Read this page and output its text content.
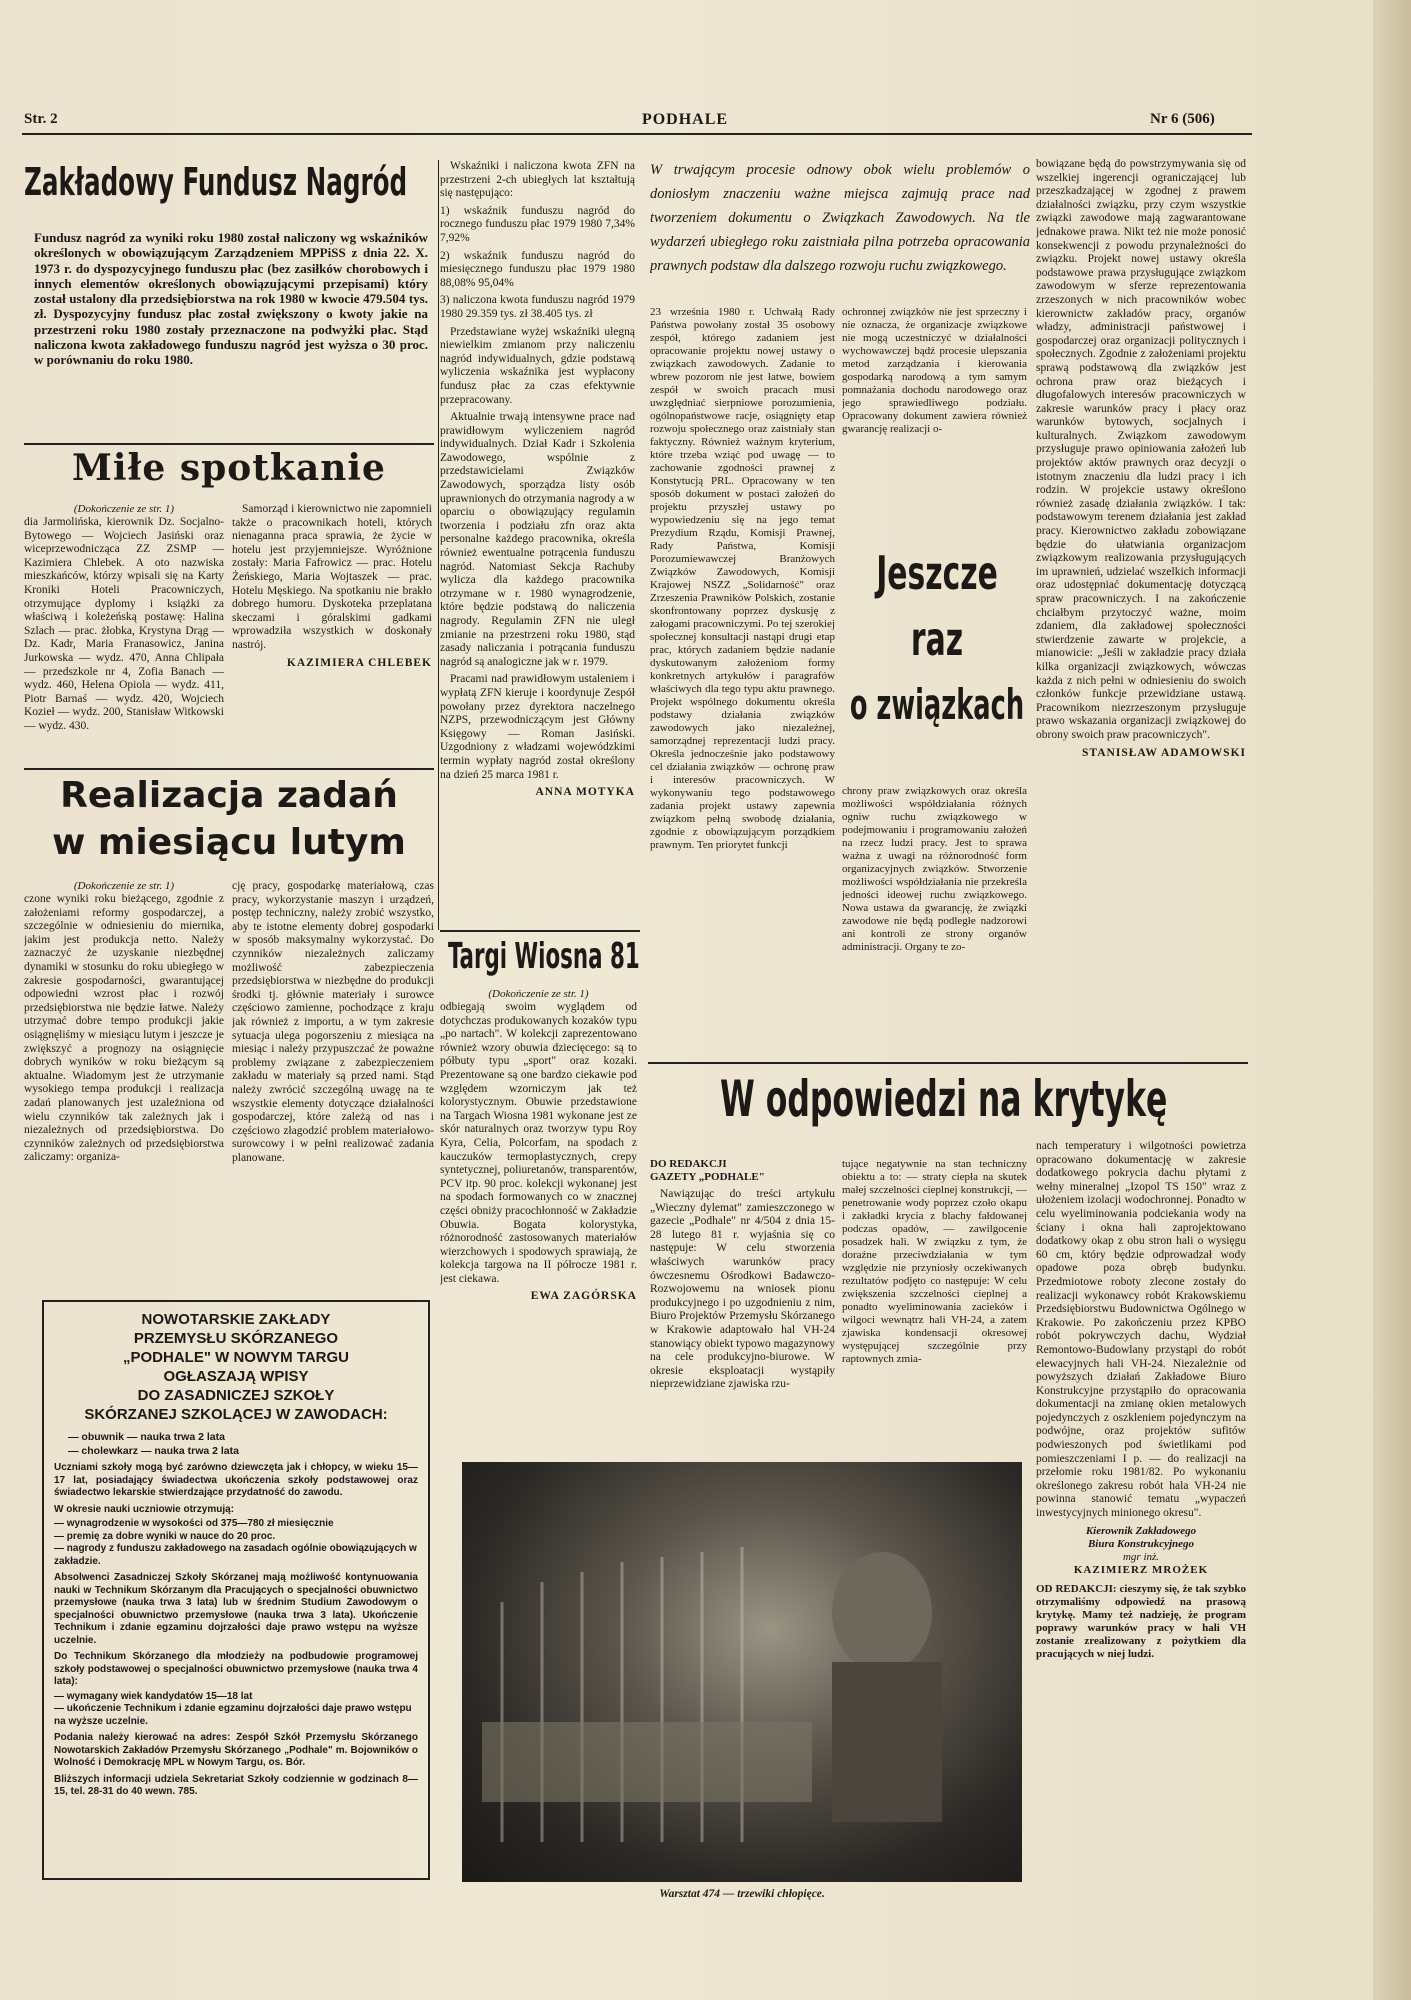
Str. 2	PODHALE	Nr 6 (506)
Zakładowy Fundusz Nagród
Fundusz nagród za wyniki roku 1980 został naliczony wg wskaźników określonych w obowiązującym Zarządzeniem MPPiSS z dnia 22. X. 1973 r. do dyspozycyjnego funduszu płac (bez zasiłków chorobowych i innych elementów określonych obowiązującymi przepisami) który został ustalony dla przedsiębiorstwa na rok 1980 w kwocie 479.504 tys. zł. Dyspozycyjny fundusz płac został zwiększony o kwoty jakie na przestrzeni roku 1980 zostały przeznaczone na podwyżki płac. Stąd naliczona kwota zakładowego funduszu nagród jest wyższa o 30 proc. w porównaniu do roku 1980.

Wskaźniki i naliczona kwota ZFN na przestrzeni 2-ch ubiegłych lat kształtują się następująco:

1) wskaźnik funduszu nagród do rocznego funduszu płac 1979 1980 7,34% 7,92%

2) wskaźnik funduszu nagród do miesięcznego funduszu płac 1979 1980 88,08% 95,04%

3) naliczona kwota funduszu nagród 1979 1980 29.359 tys. zł 38.405 tys. zł

Przedstawiane wyżej wskaźniki ulegną niewielkim zmianom przy naliczeniu nagród indywidualnych, gdzie podstawą wyliczenia wskaźnika jest wypłacony fundusz płac za czas efektywnie przepracowany.

Aktualnie trwają intensywne prace nad prawidłowym wyliczeniem nagród indywidualnych. Dział Kadr i Szkolenia Zawodowego, wspólnie z przedstawicielami Związków Zawodowych, sporządza listy osób uprawnionych do otrzymania nagrody a w oparciu o obowiązujący regulamin tworzenia i podziału zfn oraz akta personalne każdego pracownika, określa również ewentualne potrącenia funduszu nagród. Natomiast Sekcja Rachuby wylicza dla każdego pracownika otrzymane w r. 1980 wynagrodzenie, które będzie podstawą do naliczenia nagrody. Regulamin ZFN nie uległ zmianie na przestrzeni roku 1980, stąd zasady naliczania i potrącania funduszu nagród są analogiczne jak w r. 1979.

Pracami nad prawidłowym ustaleniem i wypłatą ZFN kieruje i koordynuje Zespół powołany przez dyrektora naczelnego NZPS, przewodniczącym jest Główny Księgowy — Roman Jasiński. Uzgodniony z władzami wojewódzkimi termin wypłaty nagród został określony na dzień 25 marca 1981 r.

ANNA MOTYKA
Miłe spotkanie
(Dokończenie ze str. 1)

dia Jarmolińska, kierownik Dz. Socjalno-Bytowego — Wojciech Jasiński oraz wiceprzewodnicząca ZZ ZSMP — Kazimiera Chlebek. A oto nazwiska mieszkańców, którzy wpisali się na Karty Kroniki Hoteli Pracowniczych, otrzymujące dyplomy i książki za właściwą i koleżeńską postawę: Halina Szlach — prac. żłobka, Krystyna Drąg — Dz. Kadr, Maria Franasowicz, Janina Jurkowska — wydz. 470, Anna Chlipała — przedszkole nr 4, Zofia Banach — wydz. 460, Helena Opiola — wydz. 411, Piotr Barnaś — wydz. 420, Wojciech Kozieł — wydz. 200, Stanisław Witkowski — wydz. 430.

Samorząd i kierownictwo nie zapomnieli także o pracownikach hoteli, których nienaganna praca sprawia, że życie w hotelu jest przyjemniejsze. Wyróżnione zostały: Maria Fafrowicz — prac. Hotelu Żeńskiego, Maria Wojtaszek — prac. Hotelu Męskiego. Na spotkaniu nie brakło dobrego humoru. Dyskoteka przeplatana skeczami i góralskimi gadkami wprowadziła wszystkich w doskonały nastrój.

KAZIMIERA CHLEBEK
Realizacja zadań
w miesiącu lutym
(Dokończenie ze str. 1)

czone wyniki roku bieżącego, zgodnie z założeniami reformy gospodarczej, a szczególnie w odniesieniu do miernika, jakim jest produkcja netto. Należy zaznaczyć że uzyskanie niezbędnej dynamiki w stosunku do roku ubiegłego w zakresie gospodarności, gwarantującej odpowiedni wzrost płac i rozwój przedsiębiorstwa nie będzie łatwe. Należy utrzymać dobre tempo produkcji jakie osiągnęliśmy w miesiącu lutym i jeszcze je zwiększyć a prognozy na osiągnięcie dobrych wyników w roku bieżącym są aktualne. Wiadomym jest że utrzymanie wysokiego tempa produkcji i realizacja zadań planowanych jest uzależniona od wielu czynników tak zależnych jak i niezależnych od przedsiębiorstwa. Do czynników zależnych od przedsiębiorstwa zaliczamy: organiza-

cję pracy, gospodarkę materiałową, czas pracy, wykorzystanie maszyn i urządzeń, postęp techniczny, należy zrobić wszystko, aby te istotne elementy dobrej gospodarki w sposób maksymalny wykorzystać. Do czynników niezależnych zaliczamy możliwość zabezpieczenia przedsiębiorstwa w niezbędne do produkcji środki tj. głównie materiały i surowce częściowo zamienne, pochodzące z kraju jak również z importu, a w tym zakresie sytuacja ulega pogorszeniu z miesiąca na miesiąc i należy przypuszczać że poważne problemy związane z zabezpieczeniem zakładu w materiały są przed nami. Stąd należy zwrócić szczególną uwagę na te wszystkie elementy dotyczące działalności gospodarczej, które zależą od nas i częściowo złagodzić problem materiałowo-surowcowy i w pełni realizować zadania planowane.

NOWOTARSKIE ZAKŁADY
PRZEMYSŁU SKÓRZANEGO
„PODHALE" W NOWYM TARGU
OGŁASZAJĄ WPISY
DO ZASADNICZEJ SZKOŁY
SKÓRZANEJ SZKOLĄCEJ W ZAWODACH:
— obuwnik — nauka trwa 2 lata
— cholewkarz — nauka trwa 2 lata
Uczniami szkoły mogą być zarówno dziewczęta jak i chłopcy, w wieku 15—17 lat, posiadający świadectwa ukończenia szkoły podstawowej oraz świadectwo lekarskie stwierdzające przydatność do zawodu.
W okresie nauki uczniowie otrzymują:
— wynagrodzenie w wysokości od 375—780 zł miesięcznie
— premię za dobre wyniki w nauce do 20 proc.
— nagrody z funduszu zakładowego na zasadach ogólnie obowiązujących w zakładzie.
Absolwenci Zasadniczej Szkoły Skórzanej mają możliwość kontynuowania nauki w Technikum Skórzanym dla Pracujących o specjalności obuwnictwo przemysłowe (nauka trwa 3 lata) lub w średnim Studium Zawodowym o specjalności obuwnictwo przemysłowe (nauka trwa 3 lata). Ukończenie Technikum i zdanie egzaminu dojrzałości daje prawo wstępu na wyższe uczelnie.
Do Technikum Skórzanego dla młodzieży na podbudowie programowej szkoły podstawowej o specjalności obuwnictwo przemysłowe (nauka trwa 4 lata):
— wymagany wiek kandydatów 15—18 lat
— ukończenie Technikum i zdanie egzaminu dojrzałości daje prawo wstępu na wyższe uczelnie.
Podania należy kierować na adres: Zespół Szkół Przemysłu Skórzanego Nowotarskich Zakładów Przemysłu Skórzanego „Podhale" m. Bojowników o Wolność i Demokrację MPL w Nowym Targu, os. Bór.
Bliższych informacji udziela Sekretariat Szkoły codziennie w godzinach 8—15, tel. 28-31 do 40 wewn. 785.
Targi Wiosna 81
(Dokończenie ze str. 1)

odbiegają swoim wyglądem od dotychczas produkowanych kozaków typu „po nartach". W kolekcji zaprezentowano również wzory obuwia dziecięcego: są to półbuty typu „sport" oraz kozaki. Prezentowane są one bardzo ciekawie pod względem wzorniczym jak też kolorystycznym. Obuwie przedstawione na Targach Wiosna 1981 wykonane jest ze skór naturalnych oraz tworzyw typu Roy Kyra, Celia, Polcorfam, na spodach z kauczuków termoplastycznych, crepy syntetycznej, poliuretanów, transparentów, PCV itp. 90 proc. kolekcji wykonanej jest na spodach formowanych co w znacznej części obniży pracochłonność w Zakładzie Obuwia. Bogata kolorystyka, różnorodność zastosowanych materiałów wierzchowych i spodowych sprawiają, że kolekcja targowa na II półrocze 1981 r. jest ciekawa.

EWA ZAGÓRSKA
W trwającym procesie odnowy obok wielu problemów o doniosłym znaczeniu ważne miejsca zajmują prace nad tworzeniem dokumentu o Związkach Zawodowych. Na tle wydarzeń ubiegłego roku zaistniała pilna potrzeba opracowania prawnych podstaw dla dalszego rozwoju ruchu związkowego.
23 września 1980 r. Uchwałą Rady Państwa powołany został 35 osobowy zespół, którego zadaniem jest opracowanie projektu nowej ustawy o związkach zawodowych. Zadanie to wbrew pozorom nie jest łatwe, bowiem zespół w swoich pracach musi uwzględniać sierpniowe porozumienia, ogólnopaństwowe racje, osiągnięty etap rozwoju społecznego oraz zaistniały stan faktyczny. Również ważnym kryterium, które trzeba wziąć pod uwagę — to zachowanie zgodności prawnej z Konstytucją PRL. Opracowany w ten sposób dokument w postaci założeń do projektu przyszłej ustawy po wypowiedzeniu się na jego temat Prezydium Rządu, Komisji Prawnej, Rady Państwa, Komisji Porozumiewawczej Branżowych Związków Zawodowych, Komisji Krajowej NSZZ „Solidarność" oraz Zrzeszenia Prawników Polskich, zostanie skonfrontowany poprzez dyskusję z załogami pracowniczymi. Po tej szerokiej społecznej konsultacji nastąpi drugi etap prac, których zadaniem będzie nadanie dyskutowanym założeniom formy konkretnych artykułów i paragrafów właściwych dla tego typu aktu prawnego. Projekt wspólnego dokumentu określa podstawy działania związków zawodowych jako niezależnej, samorządnej reprezentacji ludzi pracy. Określa jednocześnie jako podstawowy cel działania związków — ochronę praw i interesów pracowniczych. W wykonywaniu tego podstawowego zadania projekt ustawy zapewnia związkom pełną swobodę działania, zgodnie z obowiązującym porządkiem prawnym. Ten priorytet funkcji
ochronnej związków nie jest sprzeczny i nie oznacza, że organizacje związkowe nie mogą uczestniczyć w działalności wychowawczej bądź procesie ulepszania metod zarządzania i kierowania gospodarką narodową a tym samym pomnażania dochodu narodowego oraz jego sprawiedliwego podziału. Opracowany dokument zawiera również gwarancję realizacji o-
Jeszcze
raz
o związkach
chrony praw związkowych oraz określa możliwości współdziałania różnych ogniw ruchu związkowego w podejmowaniu i programowaniu założeń na rzecz ludzi pracy. Jest to sprawa ważna z uwagi na różnorodność form organizacyjnych związków. Stworzenie możliwości współdziałania nie przekreśla jedności ideowej ruchu związkowego. Nowa ustawa da gwarancję, że związki zawodowe nie będą podległe nadzorowi ani kontroli ze strony organów administracji. Organy te zo-

bowiązane będą do powstrzymywania się od wszelkiej ingerencji ograniczającej lub przeszkadzającej w zgodnej z prawem działalności związku, przy czym wszystkie związki zawodowe mają zagwarantowane jednakowe prawa. Nikt też nie może ponosić konsekwencji z powodu przynależności do związku. Projekt nowej ustawy określa podstawowe prawa przysługujące związkom zawodowym w sferze reprezentowania zrzeszonych w nich pracowników wobec kierownictw zakładów pracy, organów władzy, administracji państwowej i gospodarczej oraz organizacji politycznych i społecznych. Zgodnie z założeniami projektu sprawą podstawową dla związków jest ochrona praw oraz bieżących i długofalowych interesów pracowniczych w zakresie warunków pracy i płacy oraz warunków bytowych, socjalnych i kulturalnych. Związkom zawodowym przysługuje prawo opiniowania założeń lub projektów aktów prawnych oraz decyzji o istotnym znaczeniu dla ludzi pracy i ich rodzin. W projekcie ustawy określono również zasadę działania związków. I tak: podstawowym terenem działania jest zakład pracy. Kierownictwo zakładu zobowiązane będzie do ułatwiania organizacjom związkowym realizowania przysługujących im uprawnień, udzielać wszelkich informacji oraz udostępniać dokumentację dotyczącą spraw pracowniczych. I na zakończenie chciałbym przytoczyć ważne, moim zdaniem, dla zakładowej społeczności stwierdzenie zawarte w projekcie, a mianowicie: „Jeśli w zakładzie pracy działa kilka organizacji związkowych, wówczas każda z nich pełni w odniesieniu do swoich członków funkcje przewidziane ustawą. Pracownikom niezrzeszonym przysługuje prawo wskazania organizacji związkowej do obrony swoich praw pracowniczych".

STANISŁAW ADAMOWSKI
W odpowiedzi na krytykę
DO REDAKCJI
GAZETY „PODHALE"

Nawiązując do treści artykułu „Wieczny dylemat" zamieszczonego w gazecie „Podhale" nr 4/504 z dnia 15-28 lutego 81 r. wyjaśnia się co następuje: W celu stworzenia właściwych warunków pracy ówczesnemu Ośrodkowi Badawczo-Rozwojowemu na wniosek pionu produkcyjnego i po uzgodnieniu z nim, Biuro Projektów Przemysłu Skórzanego w Krakowie adaptowało hal VH-24 stanowiący obiekt typowo magazynowy na cele produkcyjno-biurowe. W okresie eksploatacji wystąpiły nieprzewidziane zjawiska rzu-

tujące negatywnie na stan techniczny obiektu a to: — straty ciepła na skutek małej szczelności cieplnej konstrukcji, — penetrowanie wody poprzez czoło okapu i zakładki krycia z blachy fałdowanej podczas opadów, — zawilgocenie posadzek hali. W związku z tym, że doraźne przeciwdziałania w tym względzie nie przyniosły oczekiwanych rezultatów podjęto co następuje: W celu zwiększenia szczelności cieplnej a ponadto wyeliminowania zacieków i wilgoci wewnątrz hali VH-24, a zatem zjawiska kondensacji okresowej występującej szczególnie przy raptownych zmia-

nach temperatury i wilgotności powietrza opracowano dokumentację w zakresie dodatkowego pokrycia dachu płytami z wełny mineralnej „Izopol TS 150" wraz z ułożeniem izolacji wodochronnej. Ponadto w celu wyeliminowania podciekania wody na ściany i okna hali zaprojektowano dodatkowy okap z obu stron hali o wysięgu 60 cm, który będzie odprowadzał wody opadowe poza obręb budynku. Przedmiotowe roboty zlecone zostały do realizacji wykonawcy robót Krakowskiemu Przedsiębiorstwu Budownictwa Ogólnego w Krakowie. Po zakończeniu przez KPBO robót pokrywczych dachu, Wydział Remontowo-Budowlany przystąpi do robót elewacyjnych hali VH-24. Niezależnie od powyższych działań Zakładowe Biuro Konstrukcyjne przystąpiło do opracowania dokumentacji na zmianę okien metalowych pojedynczych z oszkleniem pojedynczym na podwójne, oraz projektów sufitów podwieszonych pod świetlikami pod pomieszczeniami I p. — do realizacji na przełomie roku 1981/82. Po wykonaniu określonego zakresu robót hala VH-24 nie powinna stanowić tematu „wypaczeń inwestycyjnych minionego okresu".

Kierownik Zakładowego
Biura Konstrukcyjnego
mgr inż.
KAZIMIERZ MROŻEK
OD REDAKCJI: cieszymy się, że tak szybko otrzymaliśmy odpowiedź na prasową krytykę. Mamy też nadzieję, że program poprawy warunków pracy w hali VH zostanie zrealizowany z pożytkiem dla pracujących w niej ludzi.
Warsztat 474 — trzewiki chłopięce.
